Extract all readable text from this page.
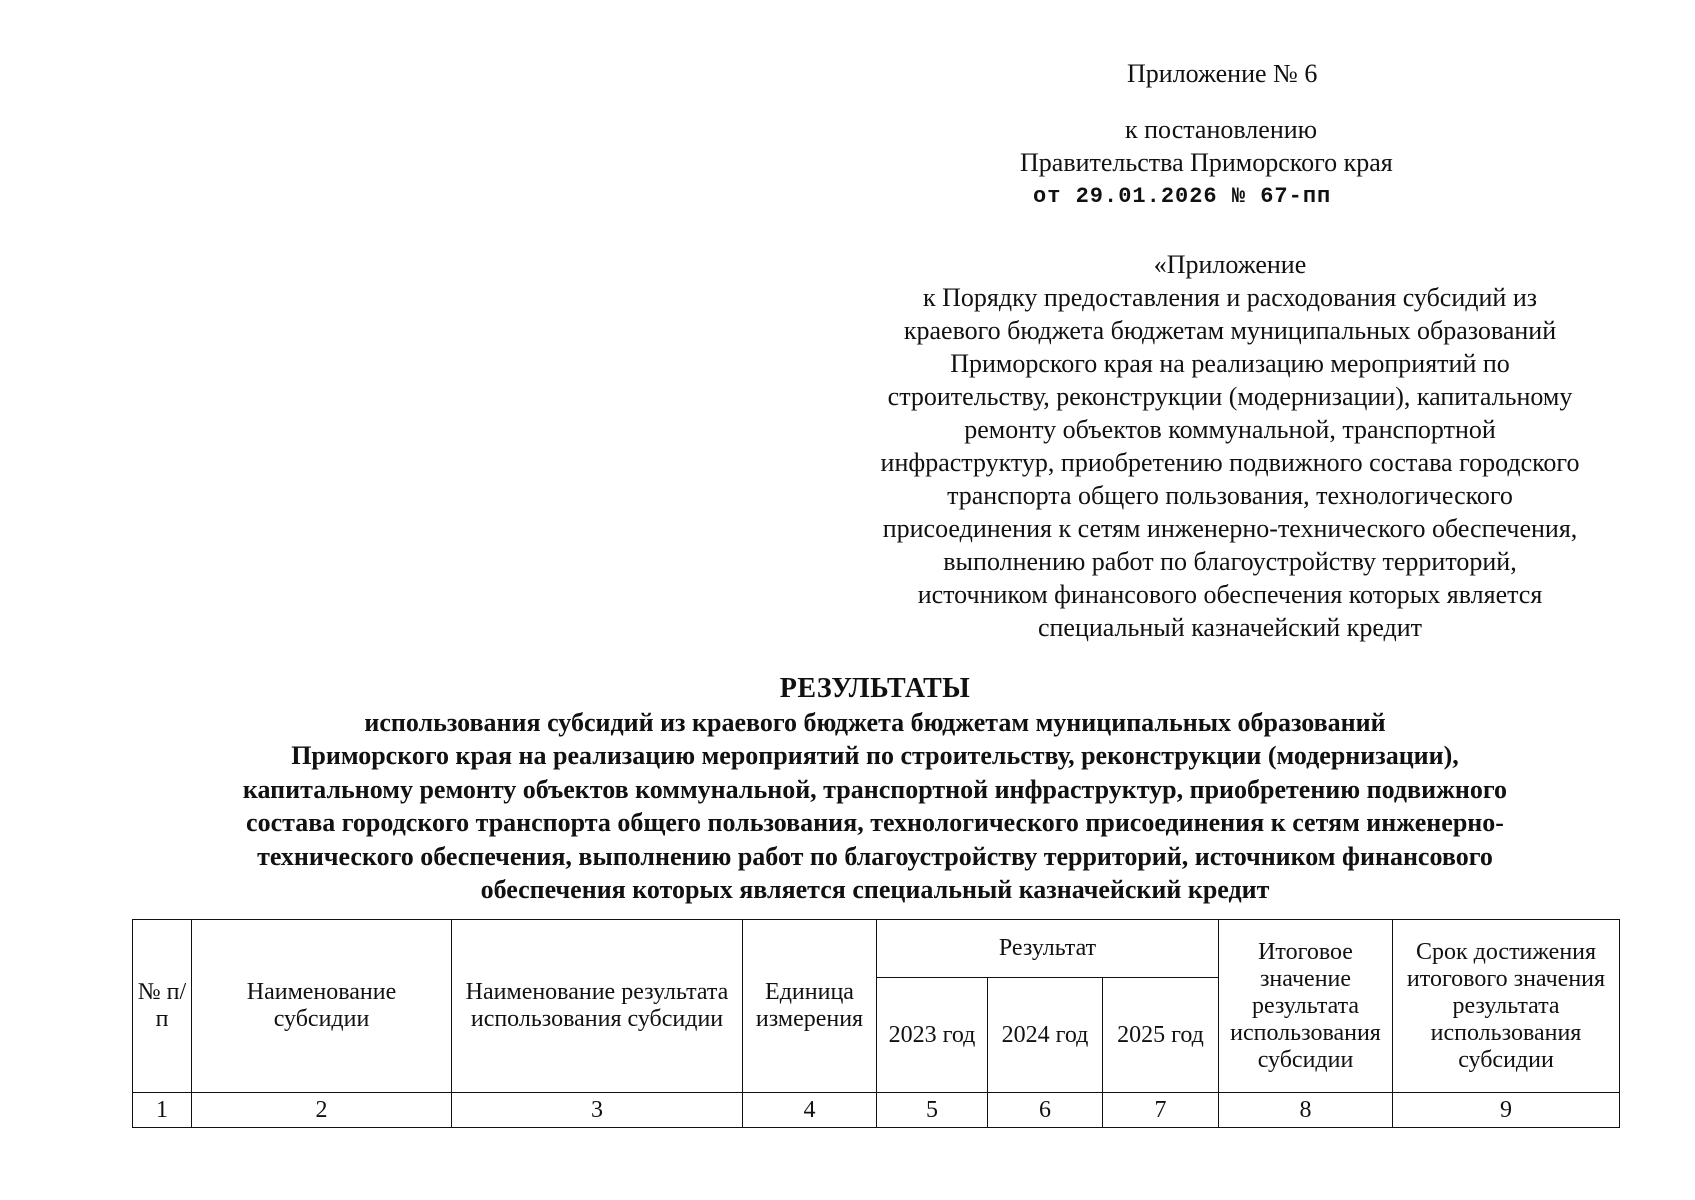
Приложение № 6
к постановлению
Правительства Приморского края
от 29.01.2026 № 67-пп
«Приложение
к Порядку предоставления и расходования субсидий из
краевого бюджета бюджетам муниципальных образований
Приморского края на реализацию мероприятий по
строительству, реконструкции (модернизации), капитальному
ремонту объектов коммунальной, транспортной
инфраструктур, приобретению подвижного состава городского
транспорта общего пользования, технологического
присоединения к сетям инженерно-технического обеспечения,
выполнению работ по благоустройству территорий,
источником финансового обеспечения которых является
специальный казначейский кредит
РЕЗУЛЬТАТЫ
использования субсидий из краевого бюджета бюджетам муниципальных образований
Приморского края на реализацию мероприятий по строительству, реконструкции (модернизации),
капитальному ремонту объектов коммунальной, транспортной инфраструктур, приобретению подвижного
состава городского транспорта общего пользования, технологического присоединения к сетям инженерно-
технического обеспечения, выполнению работ по благоустройству территорий, источником финансового
обеспечения которых является специальный казначейский кредит
№ п/п	Наименование субсидии	Наименование результата использования субсидии	Единица измерения	Результат			Итоговое значение результата использования субсидии	Срок достижения итогового значения результата использования субсидии
				2023 год	2024 год	2025 год		
1	2	3	4	5	6	7	8	9
